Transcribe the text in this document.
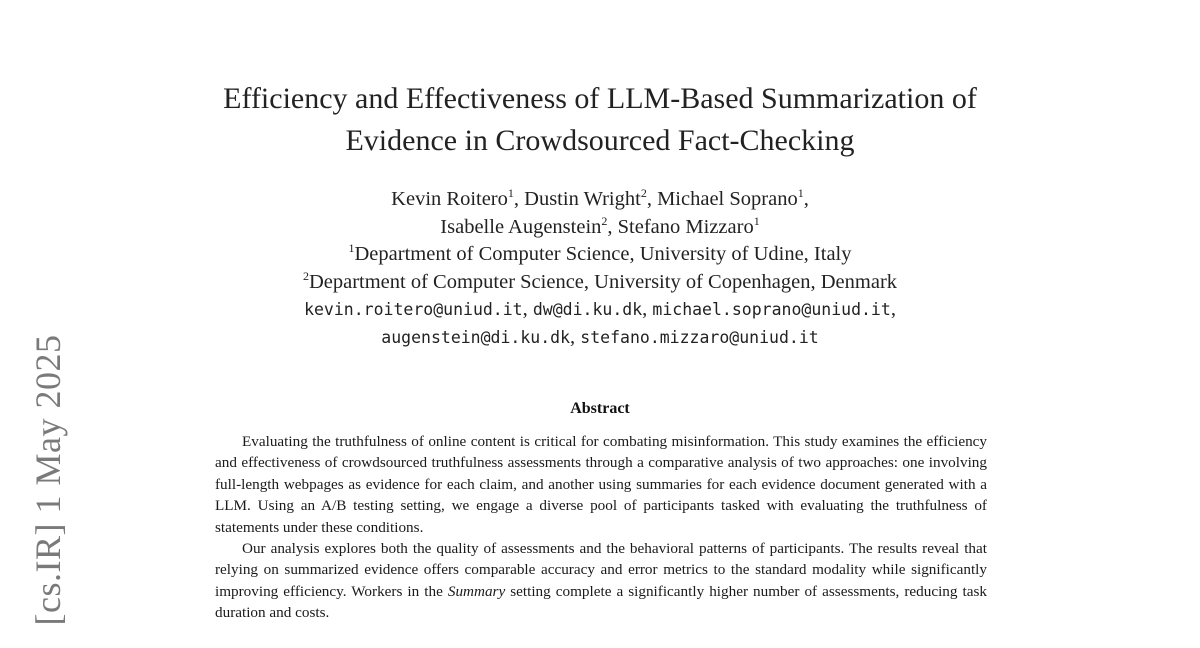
[cs.IR] 1 May 2025
Efficiency and Effectiveness of LLM-Based Summarization of
Evidence in Crowdsourced Fact-Checking
Kevin Roitero$^1$, Dustin Wright$^2$, Michael Soprano$^1$,
Isabelle Augenstein$^2$, Stefano Mizzaro$^1$
$^1$Department of Computer Science, University of Udine, Italy
$^2$Department of Computer Science, University of Copenhagen, Denmark
kevin.roitero@uniud.it, dw@di.ku.dk, michael.soprano@uniud.it,
augenstein@di.ku.dk, stefano.mizzaro@uniud.it
Abstract

Evaluating the truthfulness of online content is critical for combating misinformation. This study examines the efficiency and effectiveness of crowdsourced truthfulness assessments through a comparative analysis of two approaches: one involving full-length webpages as evidence for each claim, and another using summaries for each evidence document generated with a LLM. Using an A/B testing setting, we engage a diverse pool of participants tasked with evaluating the truthfulness of statements under these conditions.

Our analysis explores both the quality of assessments and the behavioral patterns of participants. The results reveal that relying on summarized evidence offers comparable accuracy and error metrics to the standard modality while significantly improving efficiency. Workers in the Summary setting complete a significantly higher number of assessments, reducing task duration and costs.
